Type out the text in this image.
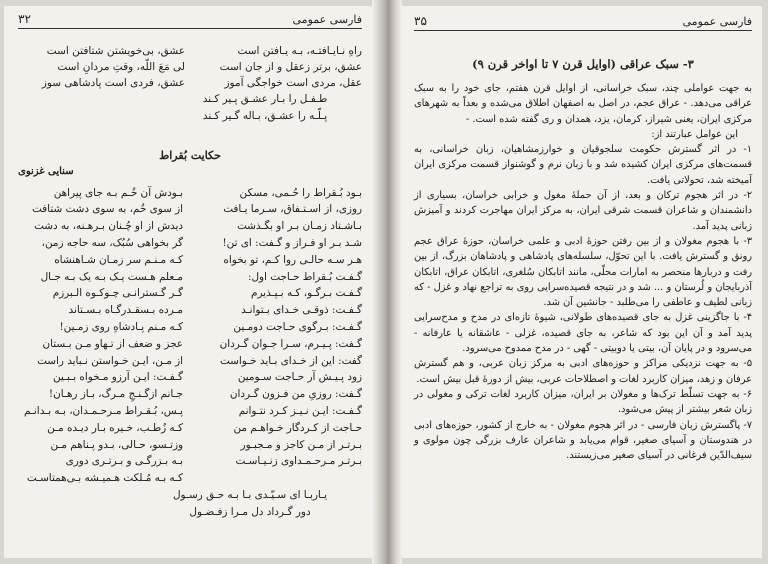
۳۲	فارسی عمومی
راهِ نـایـافتـه، بـه یـافتن است
عشق، برتر زعقل و از جان است
عقل، مردی است خواجگی آموز
عشق، بی‌خویشتن شتافتن است
لی مَعَ اللّه، وقتِ مردانِ است
عشق، فردی است پادشاهی سوز
طـفـل را بـار عشـق پـیر کـند
پـلّـه را عشـق، بـاله گـیر کـند
حکایت بُقراط
سنایی غزنوی
بـود بُـقراط را حُـمی، مسکن
روزی، از اسـتـفاق، سـرما یـافت
بـاشـتاد زمـان بـر او بگـذشت
شـد بـر او فـراز و گـفت: ای تن!
هـر سـه حالـی روا کـم، تو بخواه
گـفـت بُـقراط حـاجت اول:
گـفـت بـرگـو، کـه بـپـذیرم
گـفـت: ذوقـی خـدای بـتوانـد
گـفـت: بـرگوی حـاجت دومـین
گـفت: پـیـرم، سـرا جـوان گـردان
گفت: این از خـدای بـاید خـواست
زود پـیـش آر حـاجت سـومین
گـفت: روزیِ من فـزون گـردان
گـفـت: ایـن نـیـز کـرد نتـوانم
حـاجت از کـردگار خـواهـم من
بـرتـر از مـن کاجز و مـجبـور
بـرتـر مـرحـمـداوی زنـیـاسـت
بـودش آن خُـم بـه جای پیراهن
از سوی خُم، به سوی دشت شتافت
دیدش از او چُـنان بـرهـنه، به دشت
گر بخواهی سُبُک، سه حاجه زمن،
کـه مـنـم سر زمـان شـاهنشاه
مـعلم هـست یـک بـه یک بـه جـال
گـر گـسترانـی چـوکـوه الـبرزم
مـرده بـسقـدرگـاه بـسـتاند
کـه مـنم پـادشاهِ روی زمـین!
عجز و ضعف از تـهاو مـن بـستان
از مـن، ایـن خـواستن نـباید راست
گـفـت: ایـن آرزو مـخواه بـبـین
جـانم ازگـنـجِ مـرگ، بـاز رهـان!
پـس، بُـقـراط مـرحـمـدان، بـه بـدانـم
کـه زُطـب، خـیره بـار دیـده مـن
وزتـسو، حـالی، بـدو پـناهم مـن
بـه بـزرگـی و بـرتـری دوری
کـه بـه مُـلکت هـمیـشه بـی‌همتاسـت
یـاربـا ای سـیّـدی بـا بـه حـق رسـول
دور گـرداد دل مـرا زفـضـول
۳۵	فارسی عمومی
۳- سبک عراقی (اوایل قرن ۷ تا اواخر قرن ۹)

به جهت عواملی چند، سبک خراسانی، از اوایل قرن هفتم، جای خود را به سبک عراقی می‌دهد. - عراق عجم، در اصل به اصفهان اطلاق می‌شده و بعداً به شهرهای مرکزی ایران، یعنی شیراز، کرمان، یزد، همدان و ری گفته شده است. -

این عوامل عبارتند از:

۱- در اثر گسترش حکومت سلجوقیان و خوارزمشاهیان، زبان خراسانی، به قسمت‌های مرکزی ایران کشیده شد و با زبان نرم و گوشنواز قسمت مرکزی ایران آمیخته شد، تحولاتی یافت.

۲- در اثر هجوم ترکان و بعد، از آن حملهٔ مغول و خرابی خراسان، بسیاری از دانشمندان و شاعران قسمت شرقی ایران، به مرکز ایران مهاجرت کردند و آمیزش زبانی پدید آمد.

۳- با هجوم مغولان و از بین رفتن حوزهٔ ادبی و علمی خراسان، حوزهٔ عراق عجم رونق و گسترش یافت. با این تحوّل، سلسله‌های پادشاهی و پادشاهان بزرگ، از بین رفت و دربارها منحصر به امارات محلّی، مانند اتابکان سُلغری، اتابکان عراق، اتابکان آذربایجان و لُرستان و ... شد و در نتیجه قصیده‌سرایی روی به تراجع نهاد و غزل - که زبانی لطیف و عاطفی را می‌طلبد - جانشین آن شد.

۴- با جاگزینی غزل به جای قصیده‌های طولانی، شیوهٔ تازه‌ای در مدح و مدح‌سرایی پدید آمد و آن این بود که شاعر، به جای قصیده، غزلی - عاشقانه یا عارفانه - می‌سرود و در پایان آن، بیتی یا دوبیتی - گهی - در مدح ممدوح می‌سرود.

۵- به جهت نزدیکی مراکز و حوزه‌های ادبی به مرکز زبان عربی، و هم گسترش عرفان و زهد، میزان کاربرد لغات و اصطلاحات عربی، بیش از دورهٔ قبل بیش است.

۶- به جهت تسلّط ترک‌ها و مغولان بر ایران، میزان کاربرد لغات ترکی و مغولی در زبان شعر بیشتر از پیش می‌شود.

۷- پاگسترش زبان فارسی - در اثر هجوم مغولان - به خارج از کشور، حوزه‌های ادبی در هندوستان و آسیای صغیر، قوام می‌یابد و شاعران عارف بزرگی چون مولوی و سیف‌الدّین فرغانی در آسیای صغیر می‌زیستند.
